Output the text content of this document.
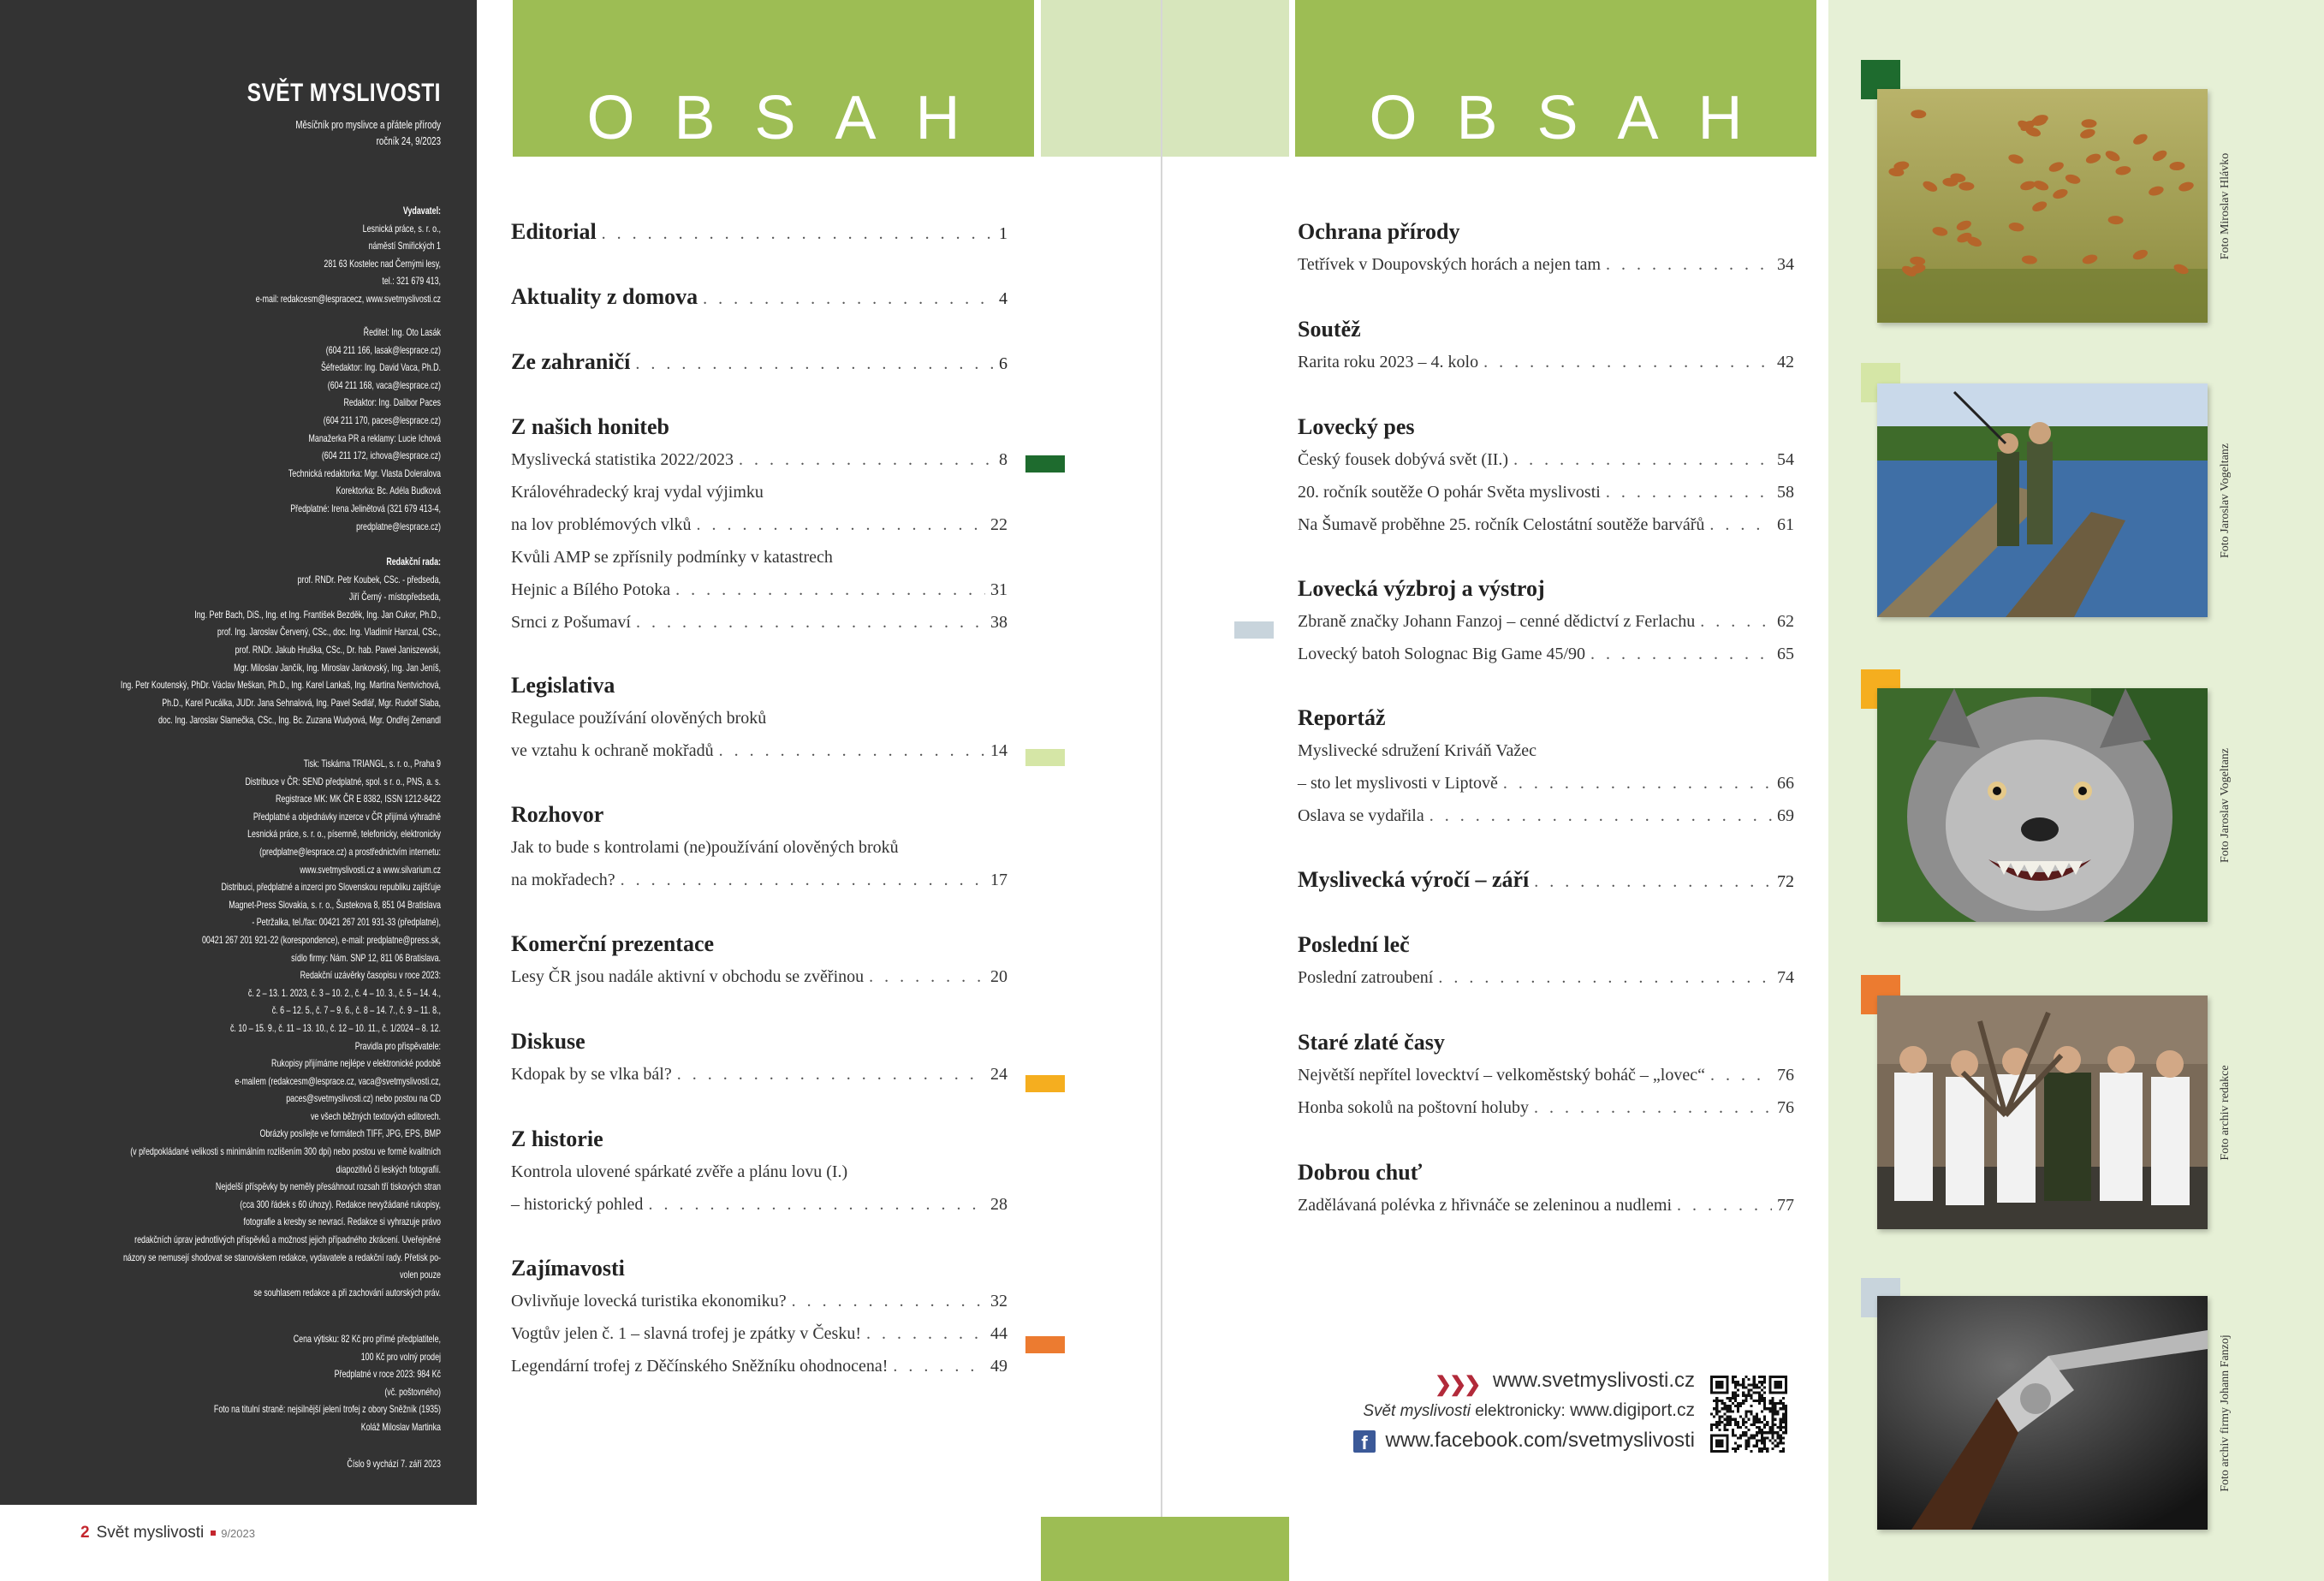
SVĚT MYSLIVOSTI
Měsíčník pro myslivce a přátele přírody
ročník 24, 9/2023
Vydavatel:
Lesnická práce, s. r. o.,
náměstí Smiřických 1
281 63 Kostelec nad Černými lesy,
tel.: 321 679 413,
e-mail: redakcesm@lespracecz, www.svetmyslivosti.cz
Ředitel: Ing. Oto Lasák
(604 211 166, lasak@lesprace.cz)
Šéfredaktor: Ing. David Vaca, Ph.D.
(604 211 168, vaca@lesprace.cz)
Redaktor: Ing. Dalibor Paces
(604 211 170, paces@lesprace.cz)
Manažerka PR a reklamy: Lucie Ichová
(604 211 172, ichova@lesprace.cz)
Technická redaktorka: Mgr. Vlasta Doleralova
Korektorka: Bc. Adéla Budková
Předplatné: Irena Jelinětová (321 679 413-4,
predplatne@lesprace.cz)
Redakční rada:
prof. RNDr. Petr Koubek, CSc. - předseda,
Jiří Černý - místopředseda,
Ing. Petr Bach, DiS., Ing. et Ing. František Bezděk, Ing. Jan Cukor, Ph.D.,
prof. Ing. Jaroslav Červený, CSc., doc. Ing. Vladimír Hanzal, CSc.,
prof. RNDr. Jakub Hruška, CSc., Dr. hab. Paweł Janiszewski,
Mgr. Miloslav Jančík, Ing. Miroslav Jankovský, Ing. Jan Jeníš,
Ing. Petr Koutenský, PhDr. Václav Meškan, Ph.D., Ing. Karel Lankaš, Ing. Martina Nentvichová,
Ph.D., Karel Pucálka, JUDr. Jana Sehnalová, Ing. Pavel Sedlář, Mgr. Rudolf Slaba,
doc. Ing. Jaroslav Slamečka, CSc., Ing. Bc. Zuzana Wudyová, Mgr. Ondřej Zemandl
Tisk: Tiskárna TRIANGL, s. r. o., Praha 9
Distribuce v ČR: SEND předplatné, spol. s r. o., PNS, a. s.
Registrace MK: MK ČR E 8382, ISSN 1212-8422
Předplatné a objednávky inzerce v ČR přijímá výhradně
Lesnická práce, s. r. o., písemně, telefonicky, elektronicky
(predplatne@lesprace.cz) a prostřednictvím internetu:
www.svetmyslivosti.cz a www.silvarium.cz
Distribuci, předplatné a inzerci pro Slovenskou republiku zajišťuje
Magnet-Press Slovakia, s. r. o., Šustekova 8, 851 04 Bratislava
- Petržalka, tel./fax: 00421 267 201 931-33 (předplatné),
00421 267 201 921-22 (korespondence), e-mail: predplatne@press.sk,
sídlo firmy: Nám. SNP 12, 811 06 Bratislava.
Redakční uzávěrky časopisu v roce 2023:
č. 2 – 13. 1. 2023, č. 3 – 10. 2., č. 4 – 10. 3., č. 5 – 14. 4.,
č. 6 – 12. 5., č. 7 – 9. 6., č. 8 – 14. 7., č. 9 – 11. 8.,
č. 10 – 15. 9., č. 11 – 13. 10., č. 12 – 10. 11., č. 1/2024 – 8. 12.
Pravidla pro přispěvatele:
Rukopisy přijímáme nejlépe v elektronické podobě
e-mailem (redakcesm@lesprace.cz, vaca@svetmyslivosti.cz,
paces@svetmyslivosti.cz) nebo postou na CD
ve všech běžných textových editorech.
Obrázky posílejte ve formátech TIFF, JPG, EPS, BMP
(v předpokládané velikosti s minimálním rozlišením 300 dpi) nebo postou ve formě kvalitních
diapozitivů či leských fotografií.
Nejdelší příspěvky by neměly přesáhnout rozsah tří tiskových stran
(cca 300 řádek s 60 úhozy). Redakce nevyžádané rukopisy,
fotografie a kresby se nevrací. Redakce si vyhrazuje právo
redakčních úprav jednotlivých příspěvků a možnost jejich případného zkrácení. Uveřejněné
názory se nemusejí shodovat se stanoviskem redakce, vydavatele a redakční rady. Přetisk po-
volen pouze
se souhlasem redakce a při zachování autorských práv.
Cena výtisku: 82 Kč pro přímé předplatitele,
100 Kč pro volný prodej
Předplatné v roce 2023: 984 Kč
(vč. poštovného)
Foto na titulní straně: nejsilnější jelení trofej z obory Sněžník (1935)
Koláž Miloslav Martinka
Číslo 9 vychází 7. září 2023
2 Svět myslivosti 9/2023
OBSAH	OBSAH
Editorial . . .	1
Aktuality z domova . . .	4
Ze zahraničí . . .	6
Z našich honiteb
Myslivecká statistika 2022/2023 . . .	8
Královéhradecký kraj vydal výjimku
na lov problémových vlků . . .	22
Kvůli AMP se zpřísnily podmínky v katastrech
Hejnic a Bílého Potoka . . .	31
Srnci z Pošumaví . . .	38
Legislativa
Regulace používání olověných broků
ve vztahu k ochraně mokřadů . . .	14
Rozhovor
Jak to bude s kontrolami (ne)používání olověných broků
na mokřadech? . . .	17
Komerční prezentace
Lesy ČR jsou nadále aktivní v obchodu se zvěřinou . . .	20
Diskuse
Kdopak by se vlka bál? . . .	24
Z historie
Kontrola ulovené spárkaté zvěře a plánu lovu (I.)
– historický pohled . . .	28
Zajímavosti
Ovlivňuje lovecká turistika ekonomiku? . . .	32
Vogtův jelen č. 1 – slavná trofej je zpátky v Česku! . . .	44
Legendární trofej z Děčínského Sněžníku ohodnocena! . . .	49
Ochrana přírody
Tetřívek v Doupovských horách a nejen tam . . .	34
Soutěž
Rarita roku 2023 – 4. kolo . . .	42
Lovecký pes
Český fousek dobývá svět (II.) . . .	54
20. ročník soutěže O pohár Světa myslivosti . . .	58
Na Šumavě proběhne 25. ročník Celostátní soutěže barvářů . . .	61
Lovecká výzbroj a výstroj
Zbraně značky Johann Fanzoj – cenné dědictví z Ferlachu . . .	62
Lovecký batoh Solognac Big Game 45/90 . . .	65
Reportáž
Myslivecké sdružení Kriváň Važec
– sto let myslivosti v Liptově . . .	66
Oslava se vydařila . . .	69
Myslivecká výročí – září . . .	72
Poslední leč
Poslední zatroubení . . .	74
Staré zlaté časy
Největší nepřítel lovecktví – velkoměstský boháč – „lovec“ . . .	76
Honba sokolů na poštovní holuby . . .	76
Dobrou chuť
Zadělávaná polévka z hřivnáče se zeleninou a nudlemi . . .	77
❯❯❯ www.svetmyslivosti.cz
Svět myslivosti elektronicky: www.digiport.cz
f www.facebook.com/svetmyslivosti
Foto Miroslav Hlávko
Foto Jaroslav Vogeltanz
Foto Jaroslav Vogeltanz
Foto archiv redakce
Foto archiv firmy Johann Fanzoj
